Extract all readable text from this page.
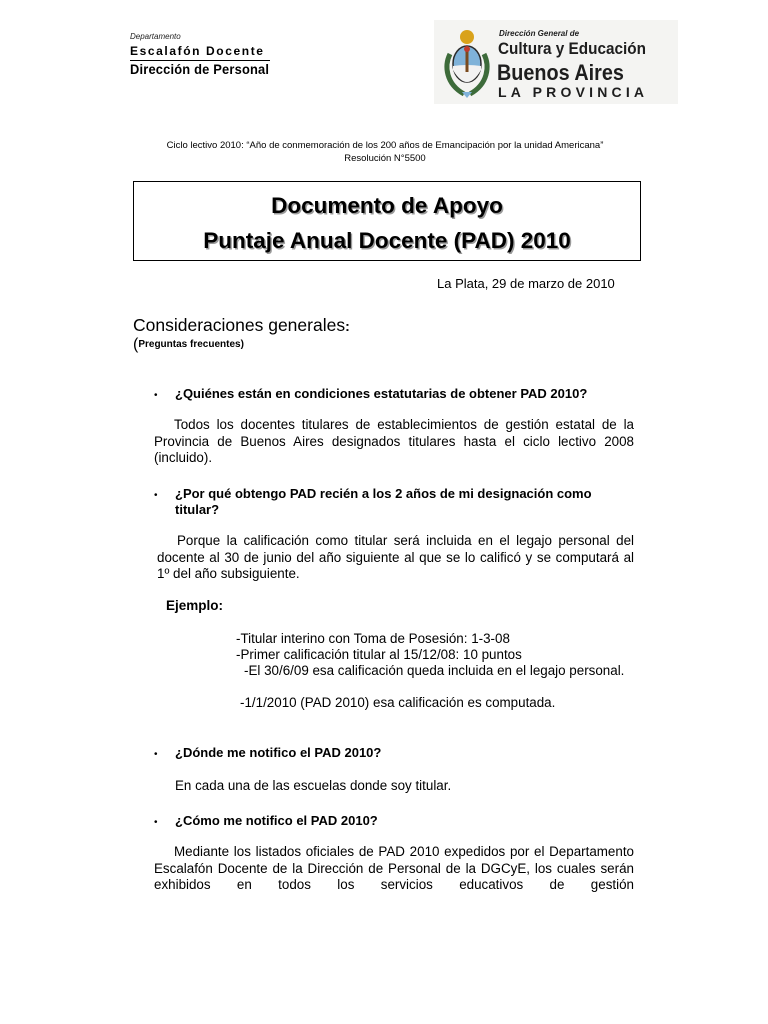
Departamento
Escalafón Docente
Dirección de Personal
Dirección General de
Cultura y Educación
Buenos Aires
LA PROVINCIA
Ciclo lectivo 2010: “Año de conmemoración de los 200 años de Emancipación por la unidad Americana”
Resolución N°5500
Documento de Apoyo
Puntaje Anual Docente (PAD) 2010
La Plata, 29 de marzo de 2010
Consideraciones generales:
(Preguntas frecuentes)
• ¿Quiénes están en condiciones estatutarias de obtener PAD 2010?
Todos los docentes titulares de establecimientos de gestión estatal de la Provincia de Buenos Aires designados titulares hasta el ciclo lectivo 2008 (incluido).
• ¿Por qué obtengo PAD recién a los 2 años de mi designación como titular?
Porque la calificación como titular será incluida en el legajo personal del docente al 30 de junio del año siguiente al que se lo calificó y se computará al 1º del año subsiguiente.
Ejemplo:
-Titular interino con Toma de Posesión: 1-3-08
-Primer calificación titular al 15/12/08: 10 puntos
-El 30/6/09 esa calificación queda incluida en el legajo personal.
-1/1/2010 (PAD 2010) esa calificación es computada.
• ¿Dónde me notifico el PAD 2010?
En cada una de las escuelas donde soy titular.
• ¿Cómo me notifico el PAD 2010?
Mediante los listados oficiales de PAD 2010 expedidos por el Departamento Escalafón Docente de la Dirección de Personal de la DGCyE, los cuales serán exhibidos en todos los servicios educativos de gestión
